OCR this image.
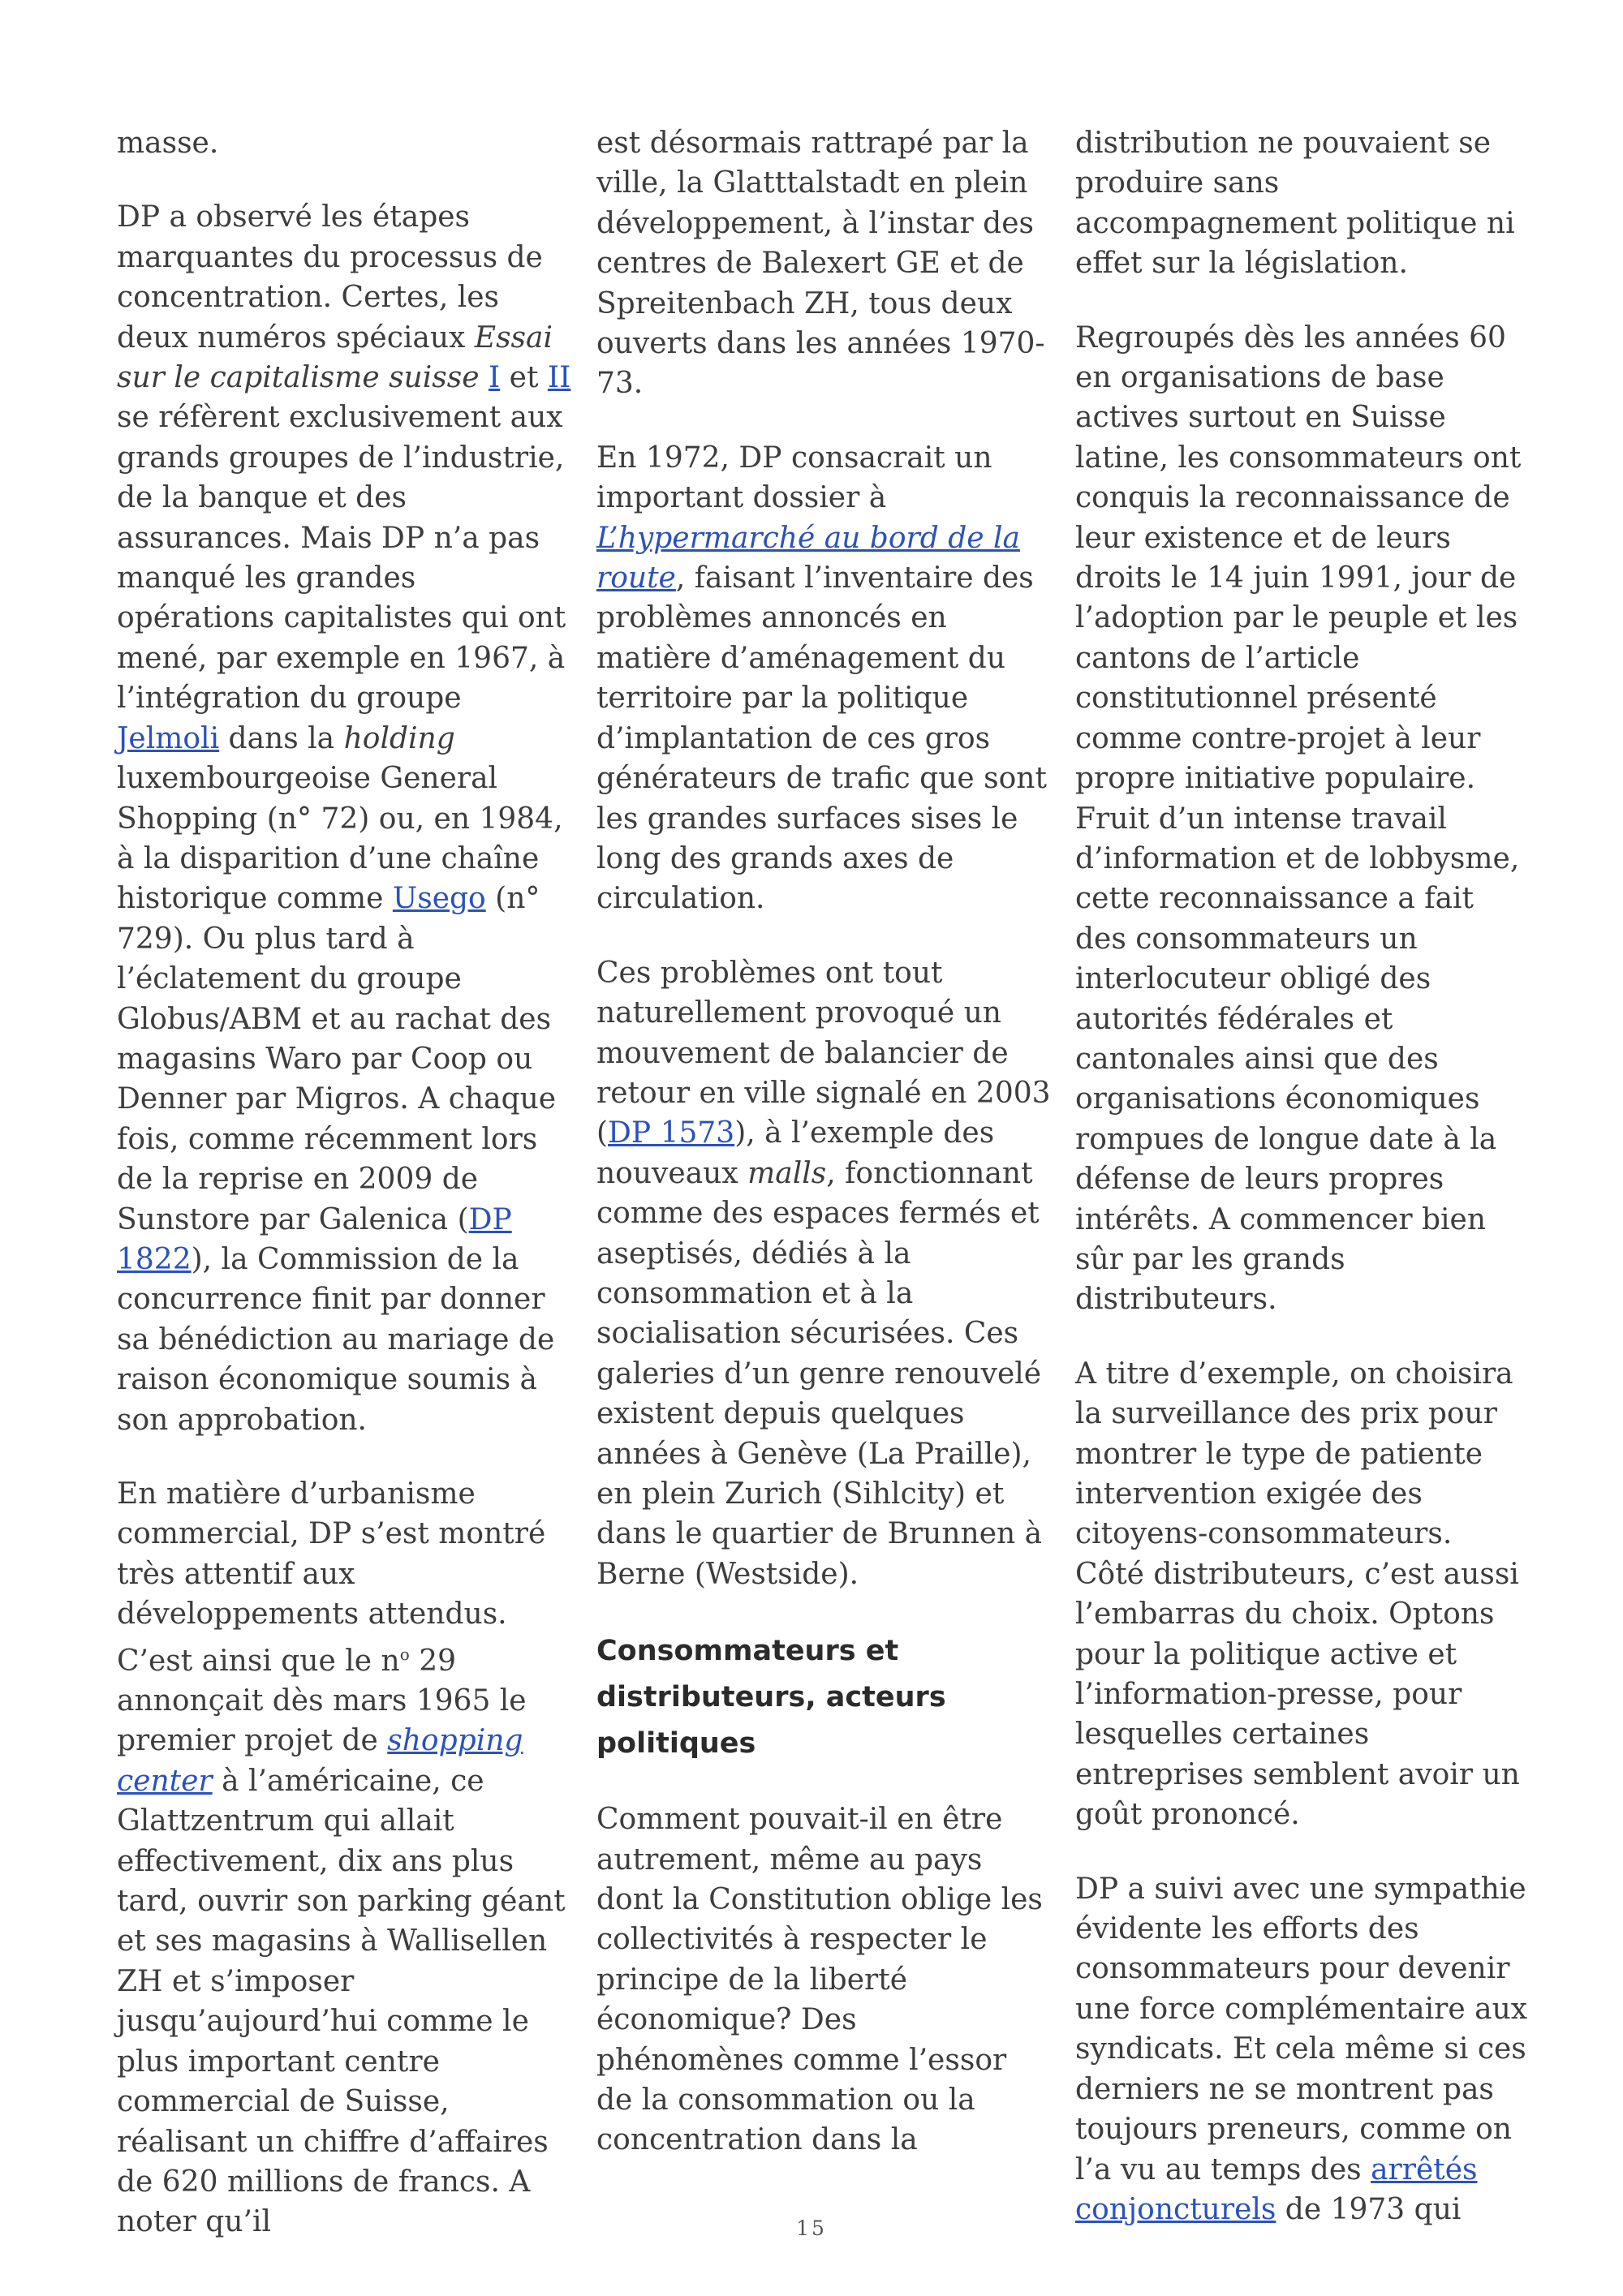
masse.

DP a observé les étapes marquantes du processus de concentration. Certes, les deux numéros spéciaux Essai sur le capitalisme suisse I et II se réfèrent exclusivement aux grands groupes de l’industrie, de la banque et des assurances. Mais DP n’a pas manqué les grandes opérations capitalistes qui ont mené, par exemple en 1967, à l’intégration du groupe Jelmoli dans la holding luxembourgeoise General Shopping (n° 72) ou, en 1984, à la disparition d’une chaîne historique comme Usego (n° 729). Ou plus tard à l’éclatement du groupe Globus/ABM et au rachat des magasins Waro par Coop ou Denner par Migros. A chaque fois, comme récemment lors de la reprise en 2009 de Sunstore par Galenica (DP 1822), la Commission de la concurrence finit par donner sa bénédiction au mariage de raison économique soumis à son approbation.

En matière d’urbanisme commercial, DP s’est montré très attentif aux développements attendus. C’est ainsi que le $n^o$ 29 annonçait dès mars 1965 le premier projet de shopping center à l’américaine, ce Glattzentrum qui allait effectivement, dix ans plus tard, ouvrir son parking géant et ses magasins à Wallisellen ZH et s’imposer jusqu’aujourd’hui comme le plus important centre commercial de Suisse, réalisant un chiffre d’affaires de 620 millions de francs. A noter qu’il

est désormais rattrapé par la ville, la Glatttalstadt en plein développement, à l’instar des centres de Balexert GE et de Spreitenbach ZH, tous deux ouverts dans les années 1970-73.

En 1972, DP consacrait un important dossier à L’hypermarché au bord de la route, faisant l’inventaire des problèmes annoncés en matière d’aménagement du territoire par la politique d’implantation de ces gros générateurs de trafic que sont les grandes surfaces sises le long des grands axes de circulation.

Ces problèmes ont tout naturellement provoqué un mouvement de balancier de retour en ville signalé en 2003 (DP 1573), à l’exemple des nouveaux malls, fonctionnant comme des espaces fermés et aseptisés, dédiés à la consommation et à la socialisation sécurisées. Ces galeries d’un genre renouvelé existent depuis quelques années à Genève (La Praille), en plein Zurich (Sihlcity) et dans le quartier de Brunnen à Berne (Westside).

Consommateurs et distributeurs, acteurs politiques

Comment pouvait-il en être autrement, même au pays dont la Constitution oblige les collectivités à respecter le principe de la liberté économique? Des phénomènes comme l’essor de la consommation ou la concentration dans la

distribution ne pouvaient se produire sans accompagnement politique ni effet sur la législation.

Regroupés dès les années 60 en organisations de base actives surtout en Suisse latine, les consommateurs ont conquis la reconnaissance de leur existence et de leurs droits le 14 juin 1991, jour de l’adoption par le peuple et les cantons de l’article constitutionnel présenté comme contre-projet à leur propre initiative populaire. Fruit d’un intense travail d’information et de lobbysme, cette reconnaissance a fait des consommateurs un interlocuteur obligé des autorités fédérales et cantonales ainsi que des organisations économiques rompues de longue date à la défense de leurs propres intérêts. A commencer bien sûr par les grands distributeurs.

A titre d’exemple, on choisira la surveillance des prix pour montrer le type de patiente intervention exigée des citoyens-consommateurs. Côté distributeurs, c’est aussi l’embarras du choix. Optons pour la politique active et l’information-presse, pour lesquelles certaines entreprises semblent avoir un goût prononcé.

DP a suivi avec une sympathie évidente les efforts des consommateurs pour devenir une force complémentaire aux syndicats. Et cela même si ces derniers ne se montrent pas toujours preneurs, comme on l’a vu au temps des arrêtés conjoncturels de 1973 qui

15
